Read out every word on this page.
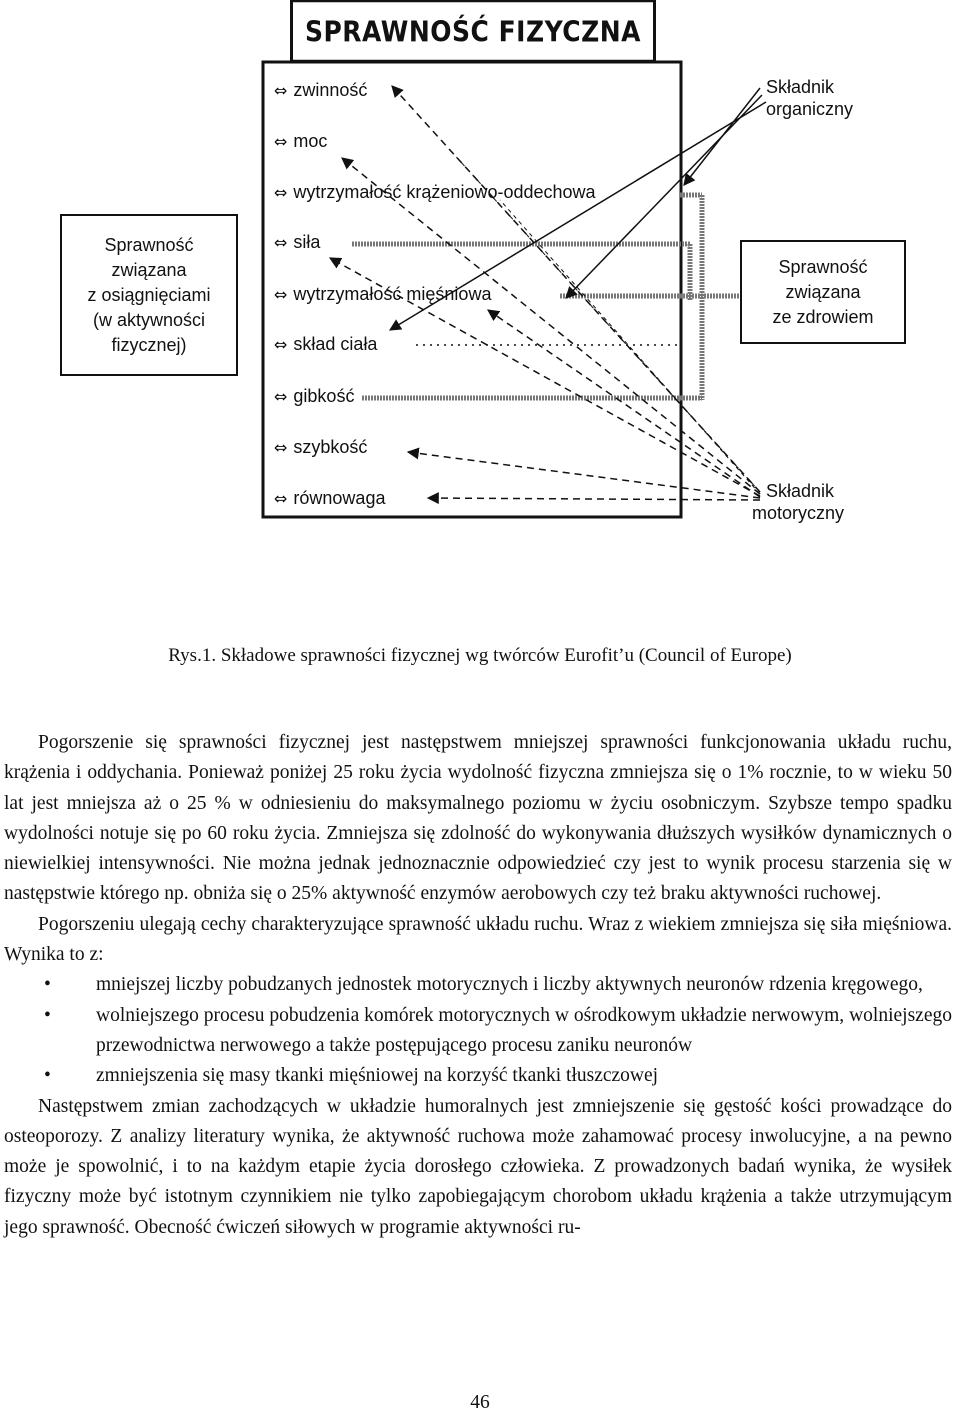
SPRAWNOŚĆ FIZYCZNA
Sprawność
związana
z osiągnięciami
(w aktywności
fizycznej)
Sprawność
związana
ze zdrowiem
Składnik
organiczny
Składnik
motoryczny
⇔ zwinność
⇔ moc
⇔ wytrzymałość krążeniowo-oddechowa
⇔ siła
⇔ wytrzymałość mięśniowa
⇔ skład ciała
⇔ gibkość
⇔ szybkość
⇔ równowaga
Rys.1. Składowe sprawności fizycznej wg twórców Eurofit’u (Council of Europe)

Pogorszenie się sprawności fizycznej jest następstwem mniejszej sprawności funkcjonowania układu ruchu, krążenia i oddychania. Ponieważ poniżej 25 roku życia wydolność fizyczna zmniejsza się o 1% rocznie, to w wieku 50 lat jest mniejsza aż o 25 % w odniesieniu do maksymalnego poziomu w życiu osobniczym. Szybsze tempo spadku wydolności notuje się po 60 roku życia. Zmniejsza się zdolność do wykonywania dłuższych wysiłków dynamicznych o niewielkiej intensywności. Nie można jednak jednoznacznie odpowiedzieć czy jest to wynik procesu starzenia się w następstwie którego np. obniża się o 25% aktywność enzymów aerobowych czy też braku aktywności ruchowej.

Pogorszeniu ulegają cechy charakteryzujące sprawność układu ruchu. Wraz z wiekiem zmniejsza się siła mięśniowa. Wynika to z:

• mniejszej liczby pobudzanych jednostek motorycznych i liczby aktywnych neuronów rdzenia kręgowego,

• wolniejszego procesu pobudzenia komórek motorycznych w ośrodkowym układzie nerwowym, wolniejszego przewodnictwa nerwowego a także postępującego procesu zaniku neuronów

• zmniejszenia się masy tkanki mięśniowej na korzyść tkanki tłuszczowej

Następstwem zmian zachodzących w układzie humoralnych jest zmniejszenie się gęstość kości prowadzące do osteoporozy. Z analizy literatury wynika, że aktywność ruchowa może zahamować procesy inwolucyjne, a na pewno może je spowolnić, i to na każdym etapie życia dorosłego człowieka. Z prowadzonych badań wynika, że wysiłek fizyczny może być istotnym czynnikiem nie tylko zapobiegającym chorobom układu krążenia a także utrzymującym jego sprawność. Obecność ćwiczeń siłowych w programie aktywności ru-

46
